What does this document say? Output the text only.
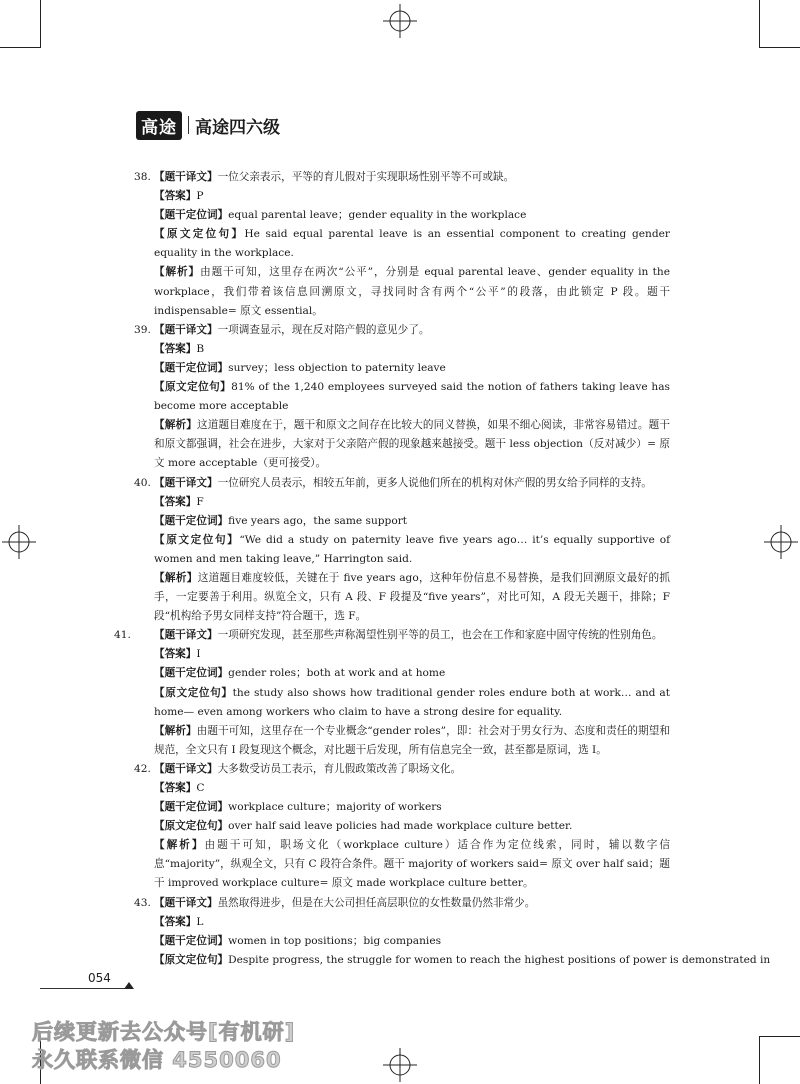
高途 高途四六级
38. 【题干译文】一位父亲表示，平等的育儿假对于实现职场性别平等不可或缺。
【答案】P
【题干定位词】equal parental leave；gender equality in the workplace
【原文定位句】He said equal parental leave is an essential component to creating gender equality in the workplace.
【解析】由题干可知，这里存在两次“公平”，分别是 equal parental leave、gender equality in the workplace，我们带着该信息回溯原文，寻找同时含有两个“公平”的段落，由此锁定 P 段。题干 indispensable= 原文 essential。
39. 【题干译文】一项调查显示，现在反对陪产假的意见少了。
【答案】B
【题干定位词】survey；less objection to paternity leave
【原文定位句】81% of the 1,240 employees surveyed said the notion of fathers taking leave has become more acceptable
【解析】这道题目难度在于，题干和原文之间存在比较大的同义替换，如果不细心阅读，非常容易错过。题干和原文都强调，社会在进步，大家对于父亲陪产假的现象越来越接受。题干 less objection（反对减少）= 原文 more acceptable（更可接受）。
40. 【题干译文】一位研究人员表示，相较五年前，更多人说他们所在的机构对休产假的男女给予同样的支持。
【答案】F
【题干定位词】five years ago，the same support
【原文定位句】“We did a study on paternity leave five years ago… it’s equally supportive of women and men taking leave,” Harrington said.
【解析】这道题目难度较低，关键在于 five years ago，这种年份信息不易替换，是我们回溯原文最好的抓手，一定要善于利用。纵览全文，只有 A 段、F 段提及“five years”，对比可知，A 段无关题干，排除；F 段“机构给予男女同样支持”符合题干，选 F。
41. 【题干译文】一项研究发现，甚至那些声称渴望性别平等的员工，也会在工作和家庭中固守传统的性别角色。
【答案】I
【题干定位词】gender roles；both at work and at home
【原文定位句】the study also shows how traditional gender roles endure both at work… and at home— even among workers who claim to have a strong desire for equality.
【解析】由题干可知，这里存在一个专业概念“gender roles”，即：社会对于男女行为、态度和责任的期望和规范，全文只有 I 段复现这个概念，对比题干后发现，所有信息完全一致，甚至都是原词，选 I。
42. 【题干译文】大多数受访员工表示，育儿假政策改善了职场文化。
【答案】C
【题干定位词】workplace culture；majority of workers
【原文定位句】over half said leave policies had made workplace culture better.
【解析】由题干可知，职场文化（workplace culture）适合作为定位线索，同时，辅以数字信息“majority”，纵观全文，只有 C 段符合条件。题干 majority of workers said= 原文 over half said；题干 improved workplace culture= 原文 made workplace culture better。
43. 【题干译文】虽然取得进步，但是在大公司担任高层职位的女性数量仍然非常少。
【答案】L
【题干定位词】women in top positions；big companies
【原文定位句】Despite progress, the struggle for women to reach the highest positions of power is demonstrated in
054
后续更新去公众号[有机研]
永久联系微信 4550060
